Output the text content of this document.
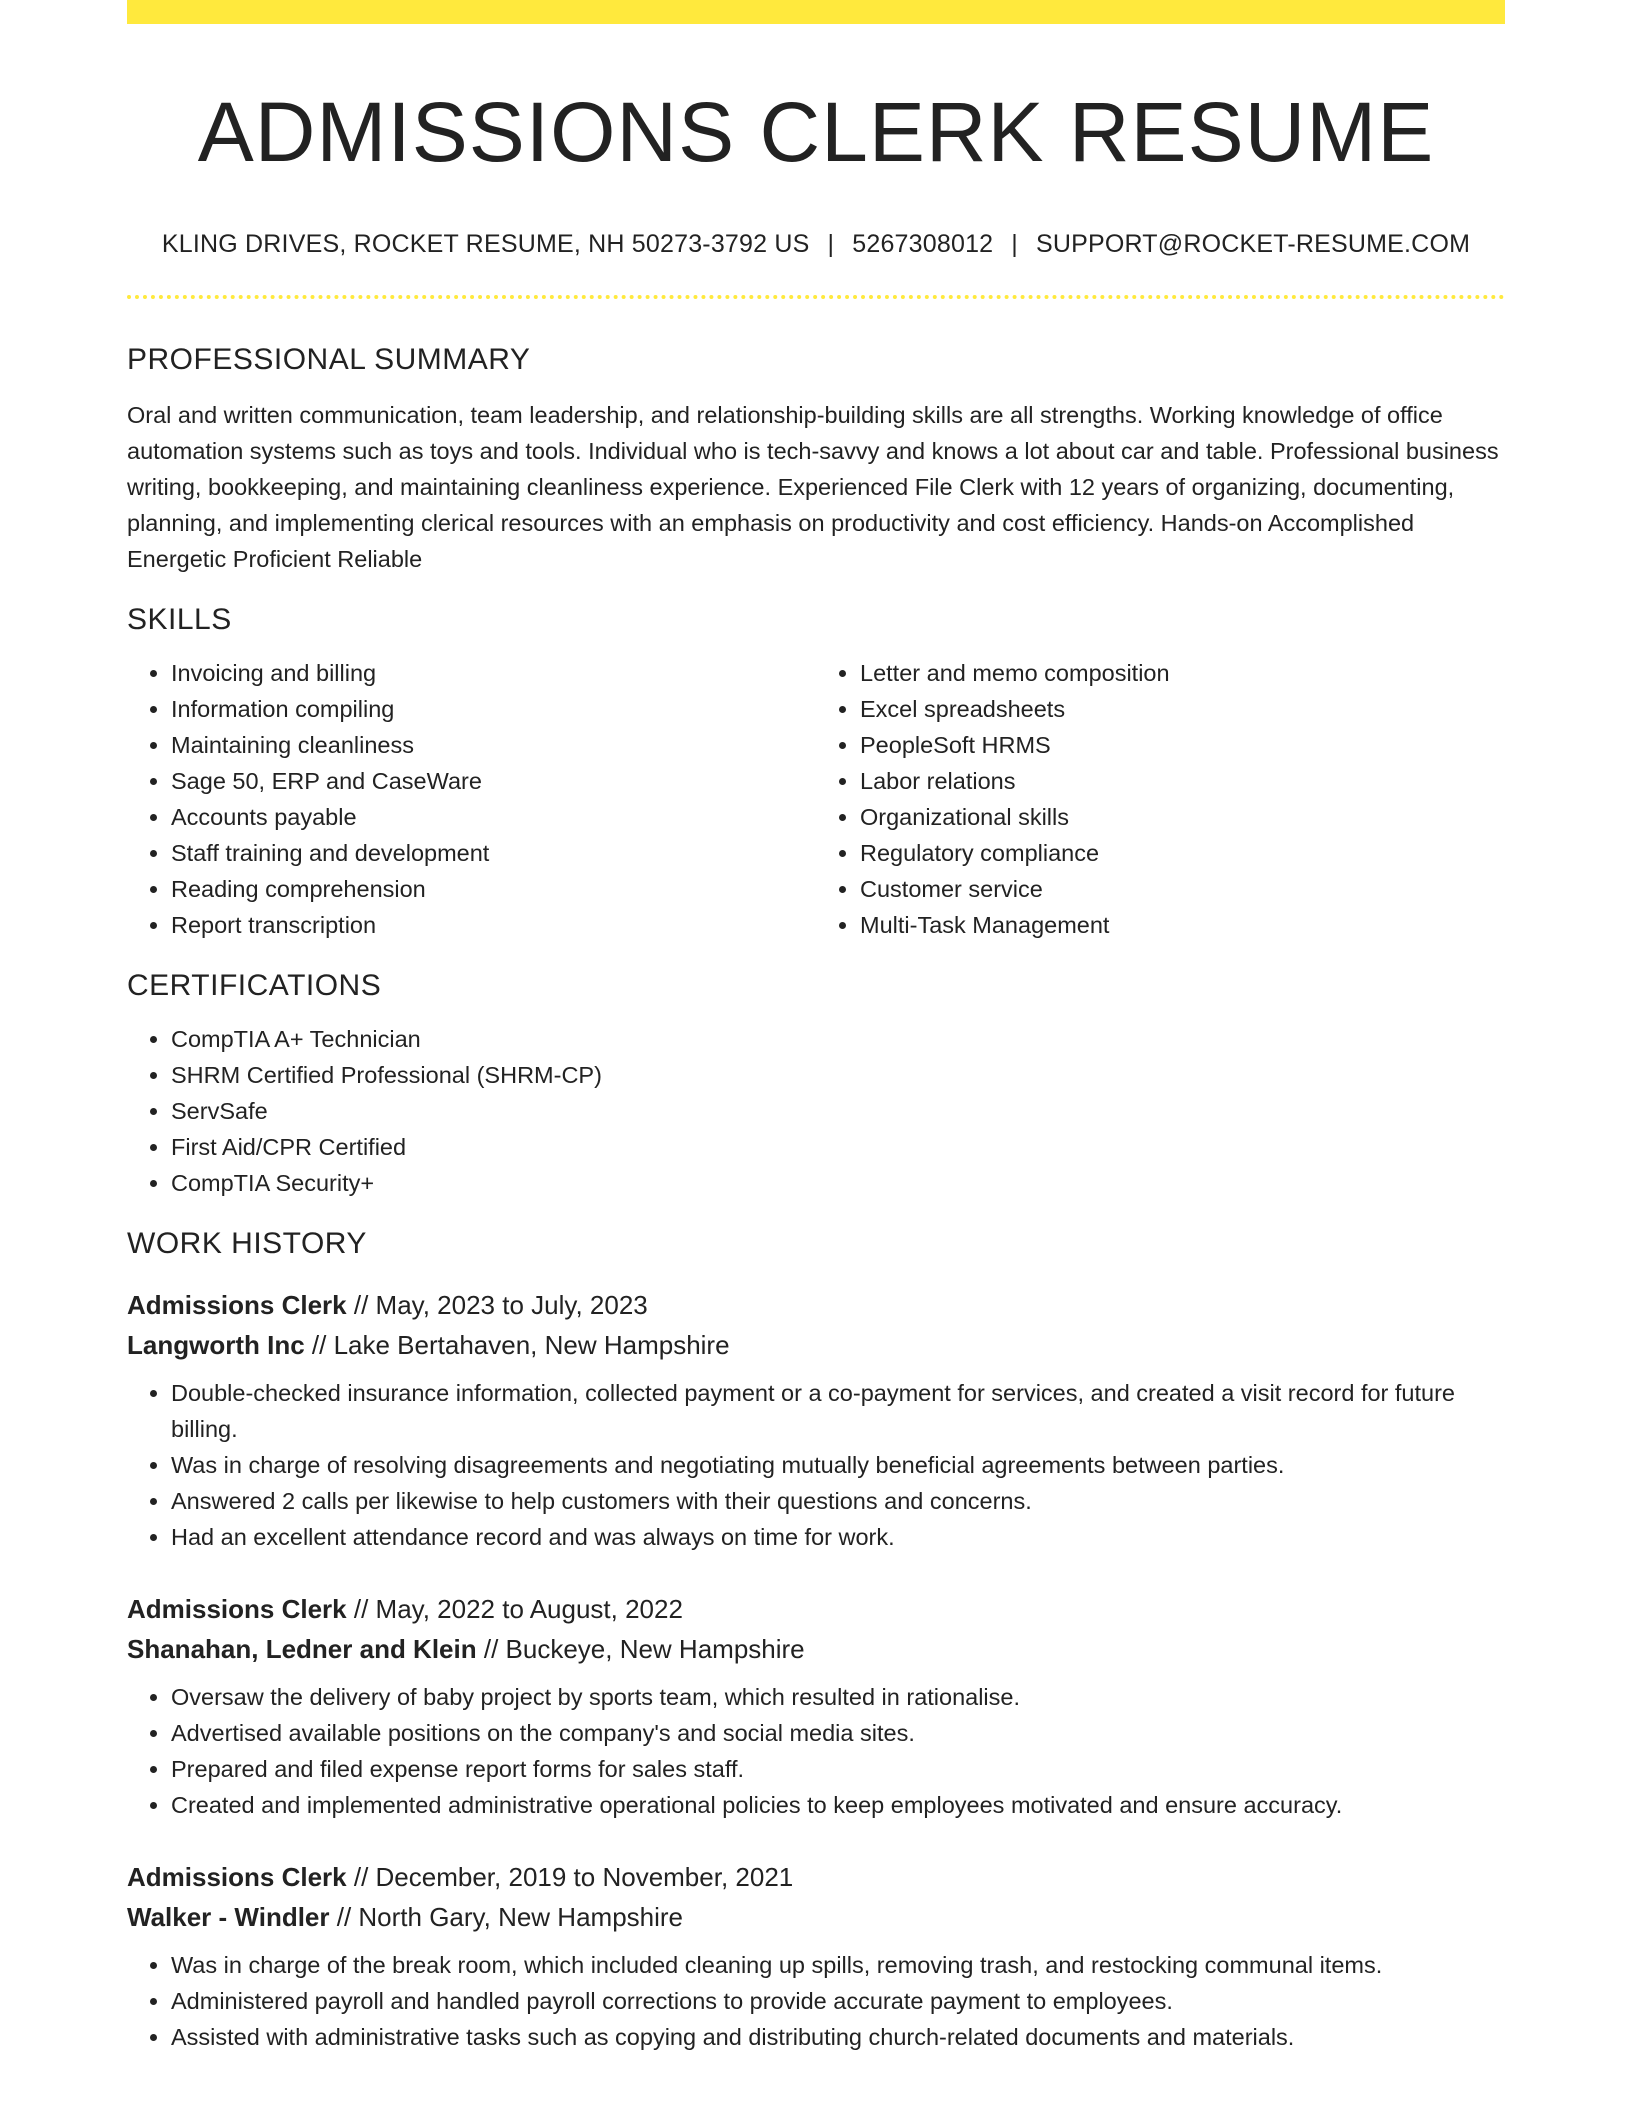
ADMISSIONS CLERK RESUME
KLING DRIVES, ROCKET RESUME, NH 50273-3792 US | 5267308012 | SUPPORT@ROCKET-RESUME.COM
PROFESSIONAL SUMMARY
Oral and written communication, team leadership, and relationship-building skills are all strengths. Working knowledge of office automation systems such as toys and tools. Individual who is tech-savvy and knows a lot about car and table. Professional business writing, bookkeeping, and maintaining cleanliness experience. Experienced File Clerk with 12 years of organizing, documenting, planning, and implementing clerical resources with an emphasis on productivity and cost efficiency. Hands-on Accomplished Energetic Proficient Reliable
SKILLS
• Invoicing and billing
• Information compiling
• Maintaining cleanliness
• Sage 50, ERP and CaseWare
• Accounts payable
• Staff training and development
• Reading comprehension
• Report transcription
• Letter and memo composition
• Excel spreadsheets
• PeopleSoft HRMS
• Labor relations
• Organizational skills
• Regulatory compliance
• Customer service
• Multi-Task Management
CERTIFICATIONS
• CompTIA A+ Technician
• SHRM Certified Professional (SHRM-CP)
• ServSafe
• First Aid/CPR Certified
• CompTIA Security+
WORK HISTORY
Admissions Clerk // May, 2023 to July, 2023
Langworth Inc // Lake Bertahaven, New Hampshire
• Double-checked insurance information, collected payment or a co-payment for services, and created a visit record for future billing.
• Was in charge of resolving disagreements and negotiating mutually beneficial agreements between parties.
• Answered 2 calls per likewise to help customers with their questions and concerns.
• Had an excellent attendance record and was always on time for work.
Admissions Clerk // May, 2022 to August, 2022
Shanahan, Ledner and Klein // Buckeye, New Hampshire
• Oversaw the delivery of baby project by sports team, which resulted in rationalise.
• Advertised available positions on the company's and social media sites.
• Prepared and filed expense report forms for sales staff.
• Created and implemented administrative operational policies to keep employees motivated and ensure accuracy.
Admissions Clerk // December, 2019 to November, 2021
Walker - Windler // North Gary, New Hampshire
• Was in charge of the break room, which included cleaning up spills, removing trash, and restocking communal items.
• Administered payroll and handled payroll corrections to provide accurate payment to employees.
• Assisted with administrative tasks such as copying and distributing church-related documents and materials.
